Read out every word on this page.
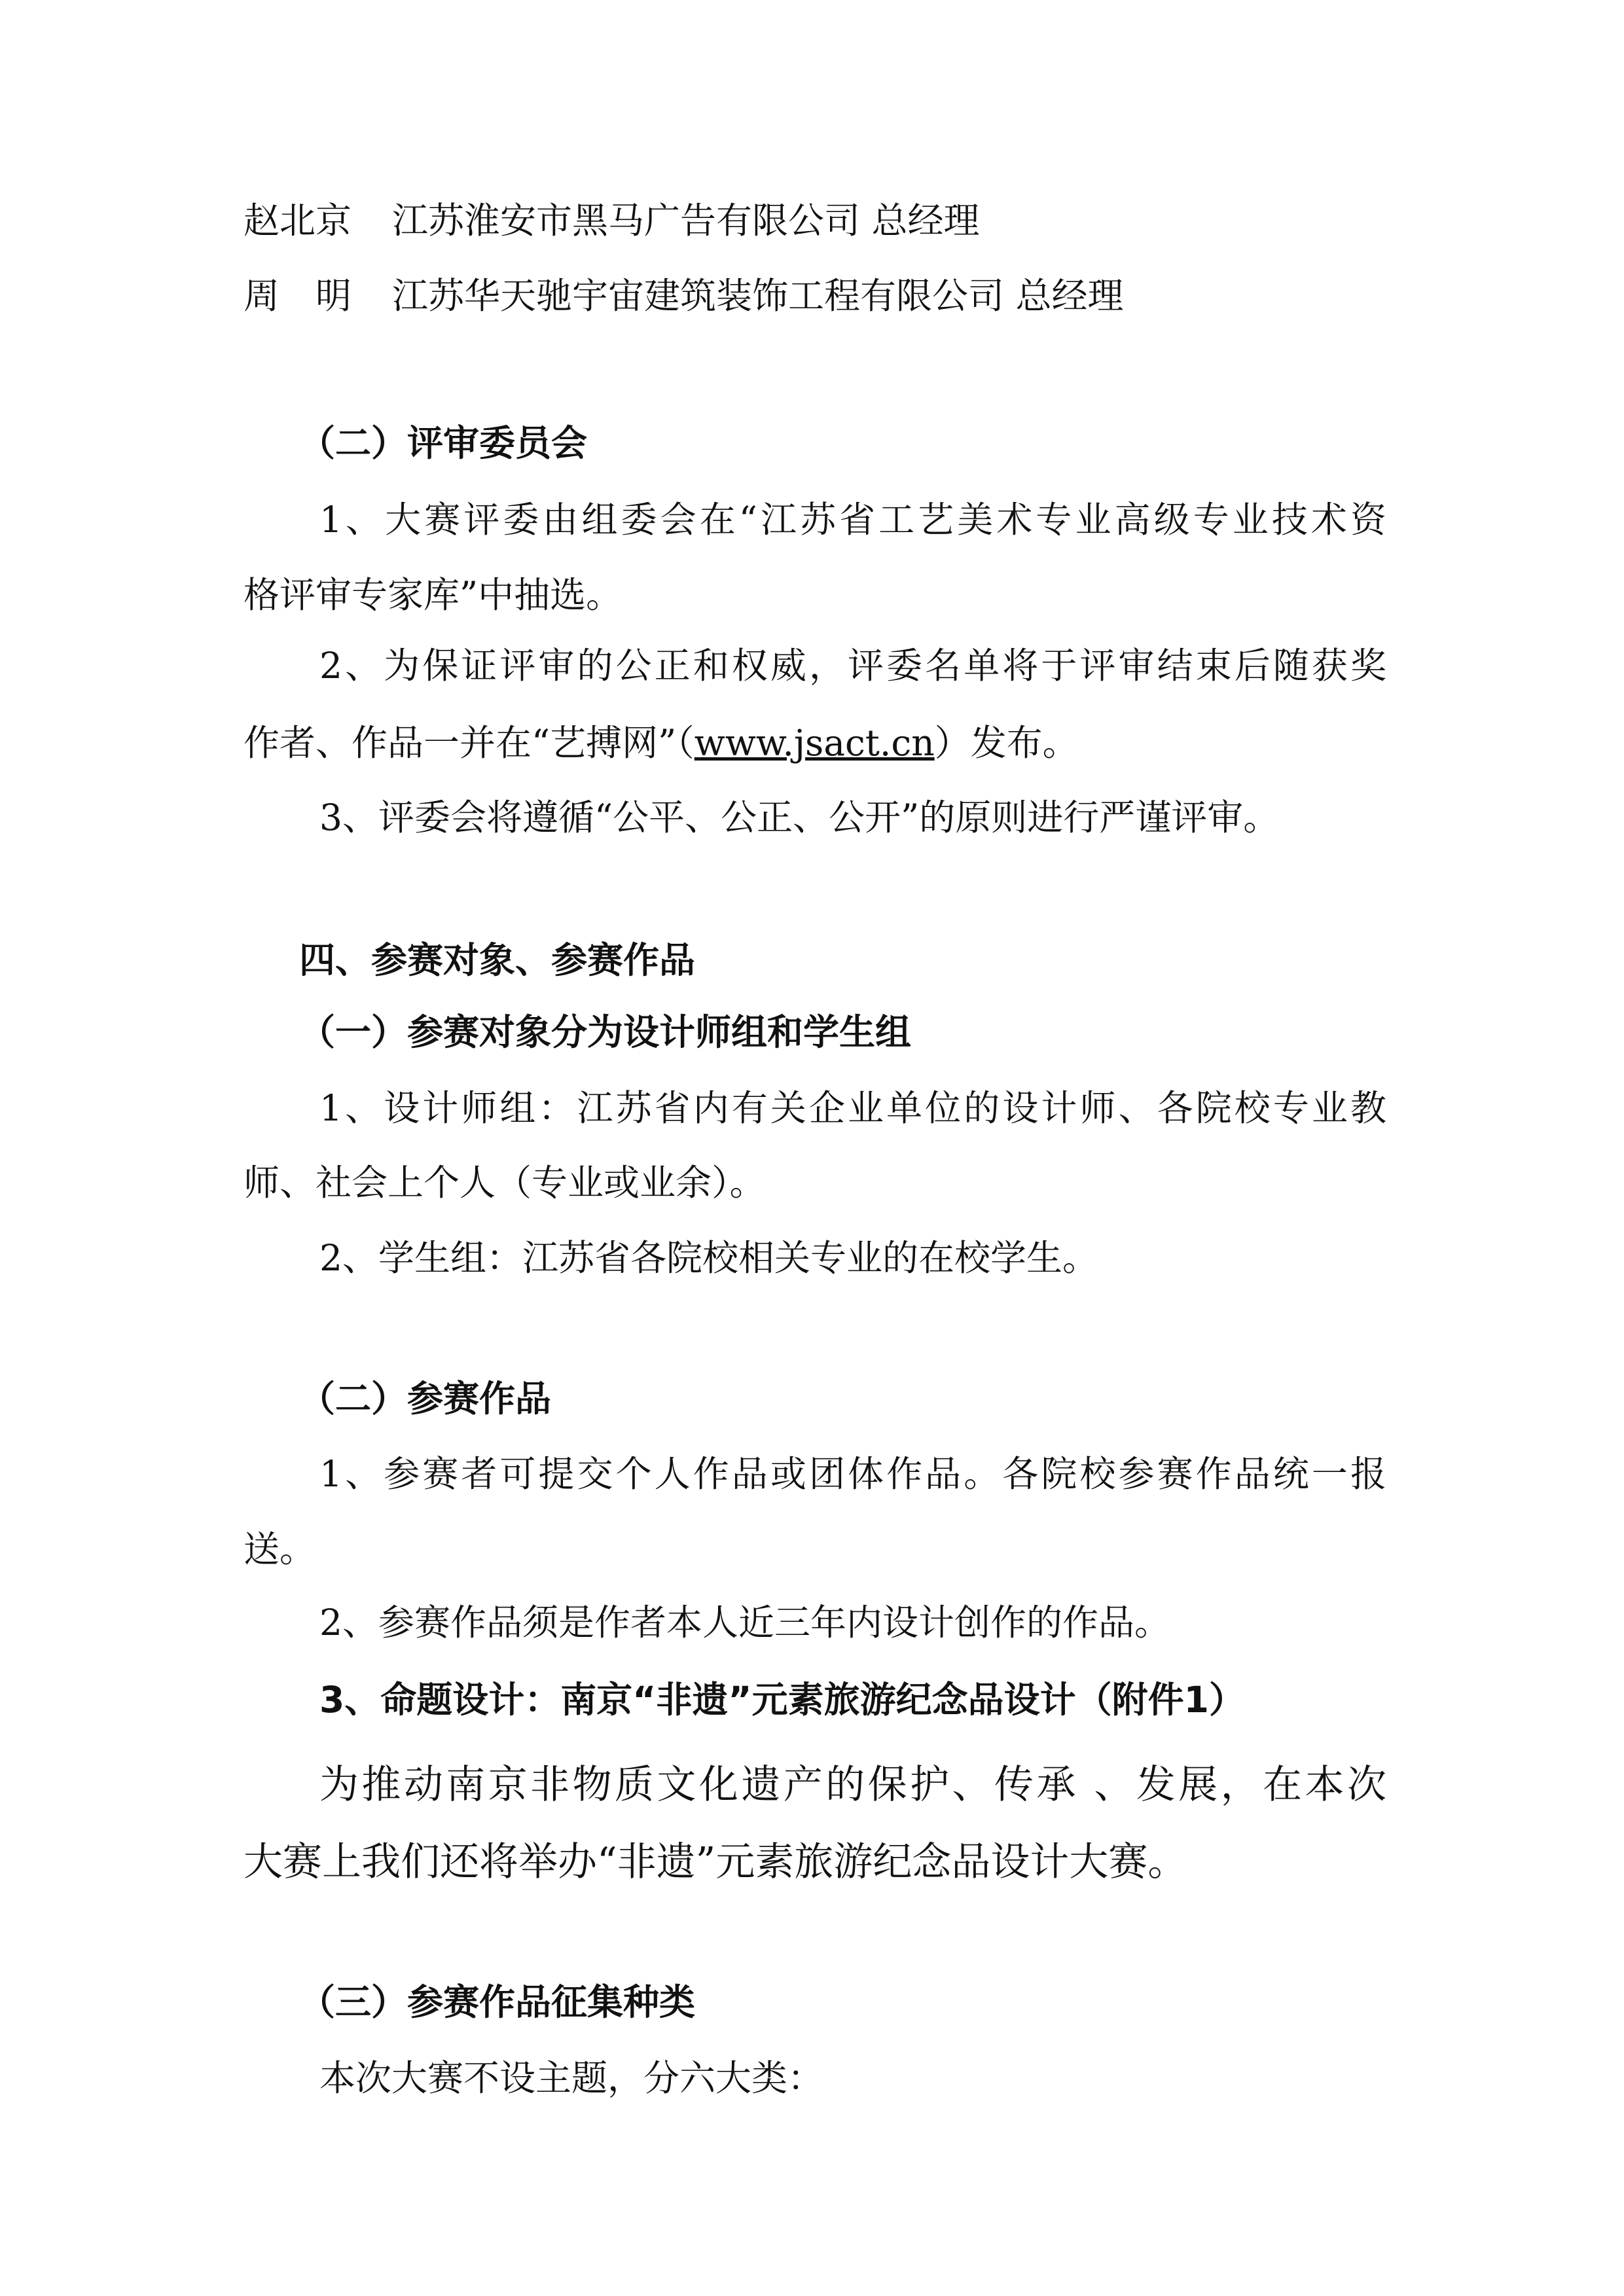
赵北京 江苏淮安市黑马广告有限公司 总经理
周　明 江苏华天驰宇宙建筑装饰工程有限公司 总经理
（二）评审委员会
1、大赛评委由组委会在“江苏省工艺美术专业高级专业技术资
格评审专家库”中抽选。
2、为保证评审的公正和权威，评委名单将于评审结束后随获奖
作者、作品一并在“艺搏网”（www.jsact.cn）发布。
3、评委会将遵循“公平、公正、公开”的原则进行严谨评审。
四、参赛对象、参赛作品
（一）参赛对象分为设计师组和学生组
1、设计师组：江苏省内有关企业单位的设计师、各院校专业教
师、社会上个人（专业或业余）。
2、学生组：江苏省各院校相关专业的在校学生。
（二）参赛作品
1、参赛者可提交个人作品或团体作品。各院校参赛作品统一报
送。
2、参赛作品须是作者本人近三年内设计创作的作品。
3、命题设计：南京“非遗”元素旅游纪念品设计（附件1）
为推动南京非物质文化遗产的保护、传承 、发展，在本次
大赛上我们还将举办“非遗”元素旅游纪念品设计大赛。
（三）参赛作品征集种类
本次大赛不设主题，分六大类：
